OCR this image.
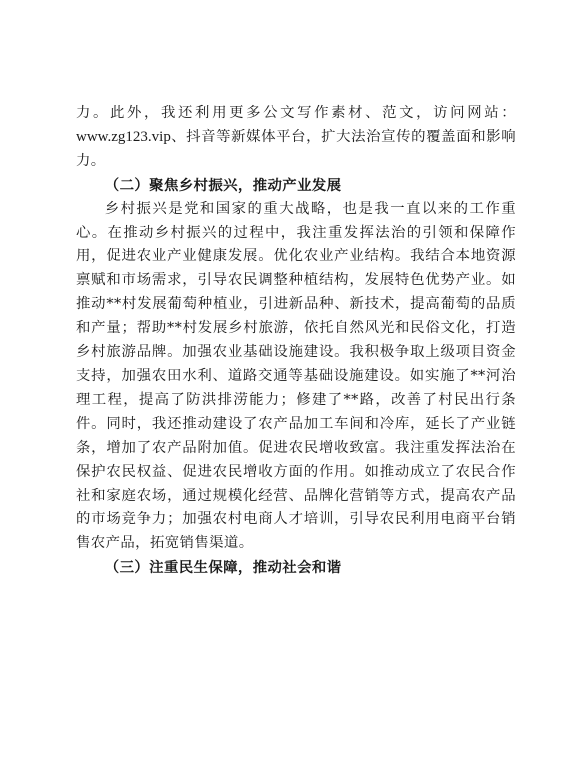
力。此外，我还利用更多公文写作素材、范文，访问网站：www.zg123.vip、抖音等新媒体平台，扩大法治宣传的覆盖面和影响力。

（二）聚焦乡村振兴，推动产业发展

乡村振兴是党和国家的重大战略，也是我一直以来的工作重心。在推动乡村振兴的过程中，我注重发挥法治的引领和保障作用，促进农业产业健康发展。优化农业产业结构。我结合本地资源禀赋和市场需求，引导农民调整种植结构，发展特色优势产业。如推动**村发展葡萄种植业，引进新品种、新技术，提高葡萄的品质和产量；帮助**村发展乡村旅游，依托自然风光和民俗文化，打造乡村旅游品牌。加强农业基础设施建设。我积极争取上级项目资金支持，加强农田水利、道路交通等基础设施建设。如实施了**河治理工程，提高了防洪排涝能力；修建了**路，改善了村民出行条件。同时，我还推动建设了农产品加工车间和冷库，延长了产业链条，增加了农产品附加值。促进农民增收致富。我注重发挥法治在保护农民权益、促进农民增收方面的作用。如推动成立了农民合作社和家庭农场，通过规模化经营、品牌化营销等方式，提高农产品的市场竞争力；加强农村电商人才培训，引导农民利用电商平台销售农产品，拓宽销售渠道。

（三）注重民生保障，推动社会和谐
